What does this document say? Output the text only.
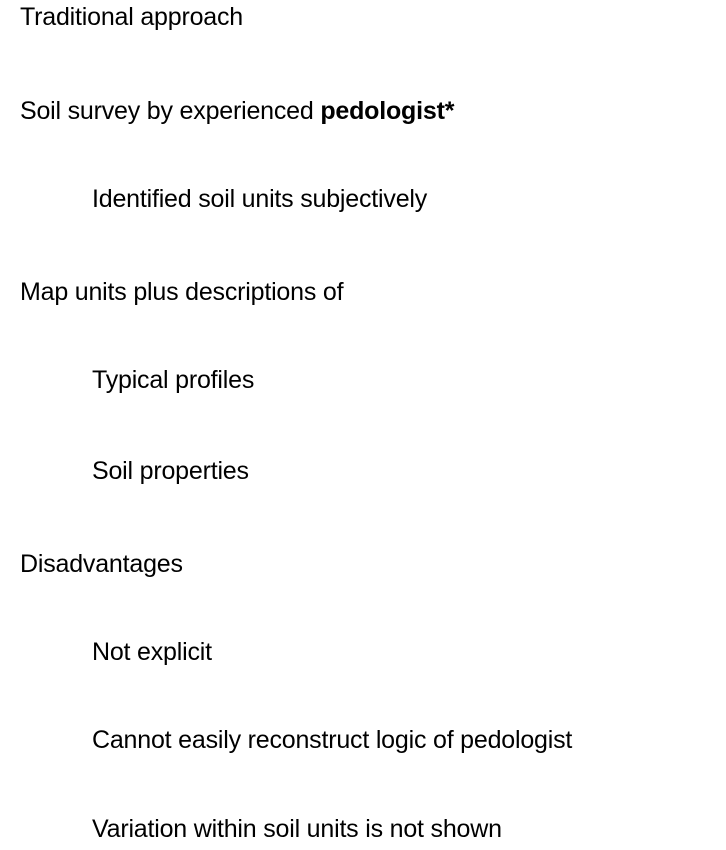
Traditional approach
Soil survey by experienced pedologist*
Identified soil units subjectively
Map units plus descriptions of
Typical profiles
Soil properties
Disadvantages
Not explicit
Cannot easily reconstruct logic of pedologist
Variation within soil units is not shown
